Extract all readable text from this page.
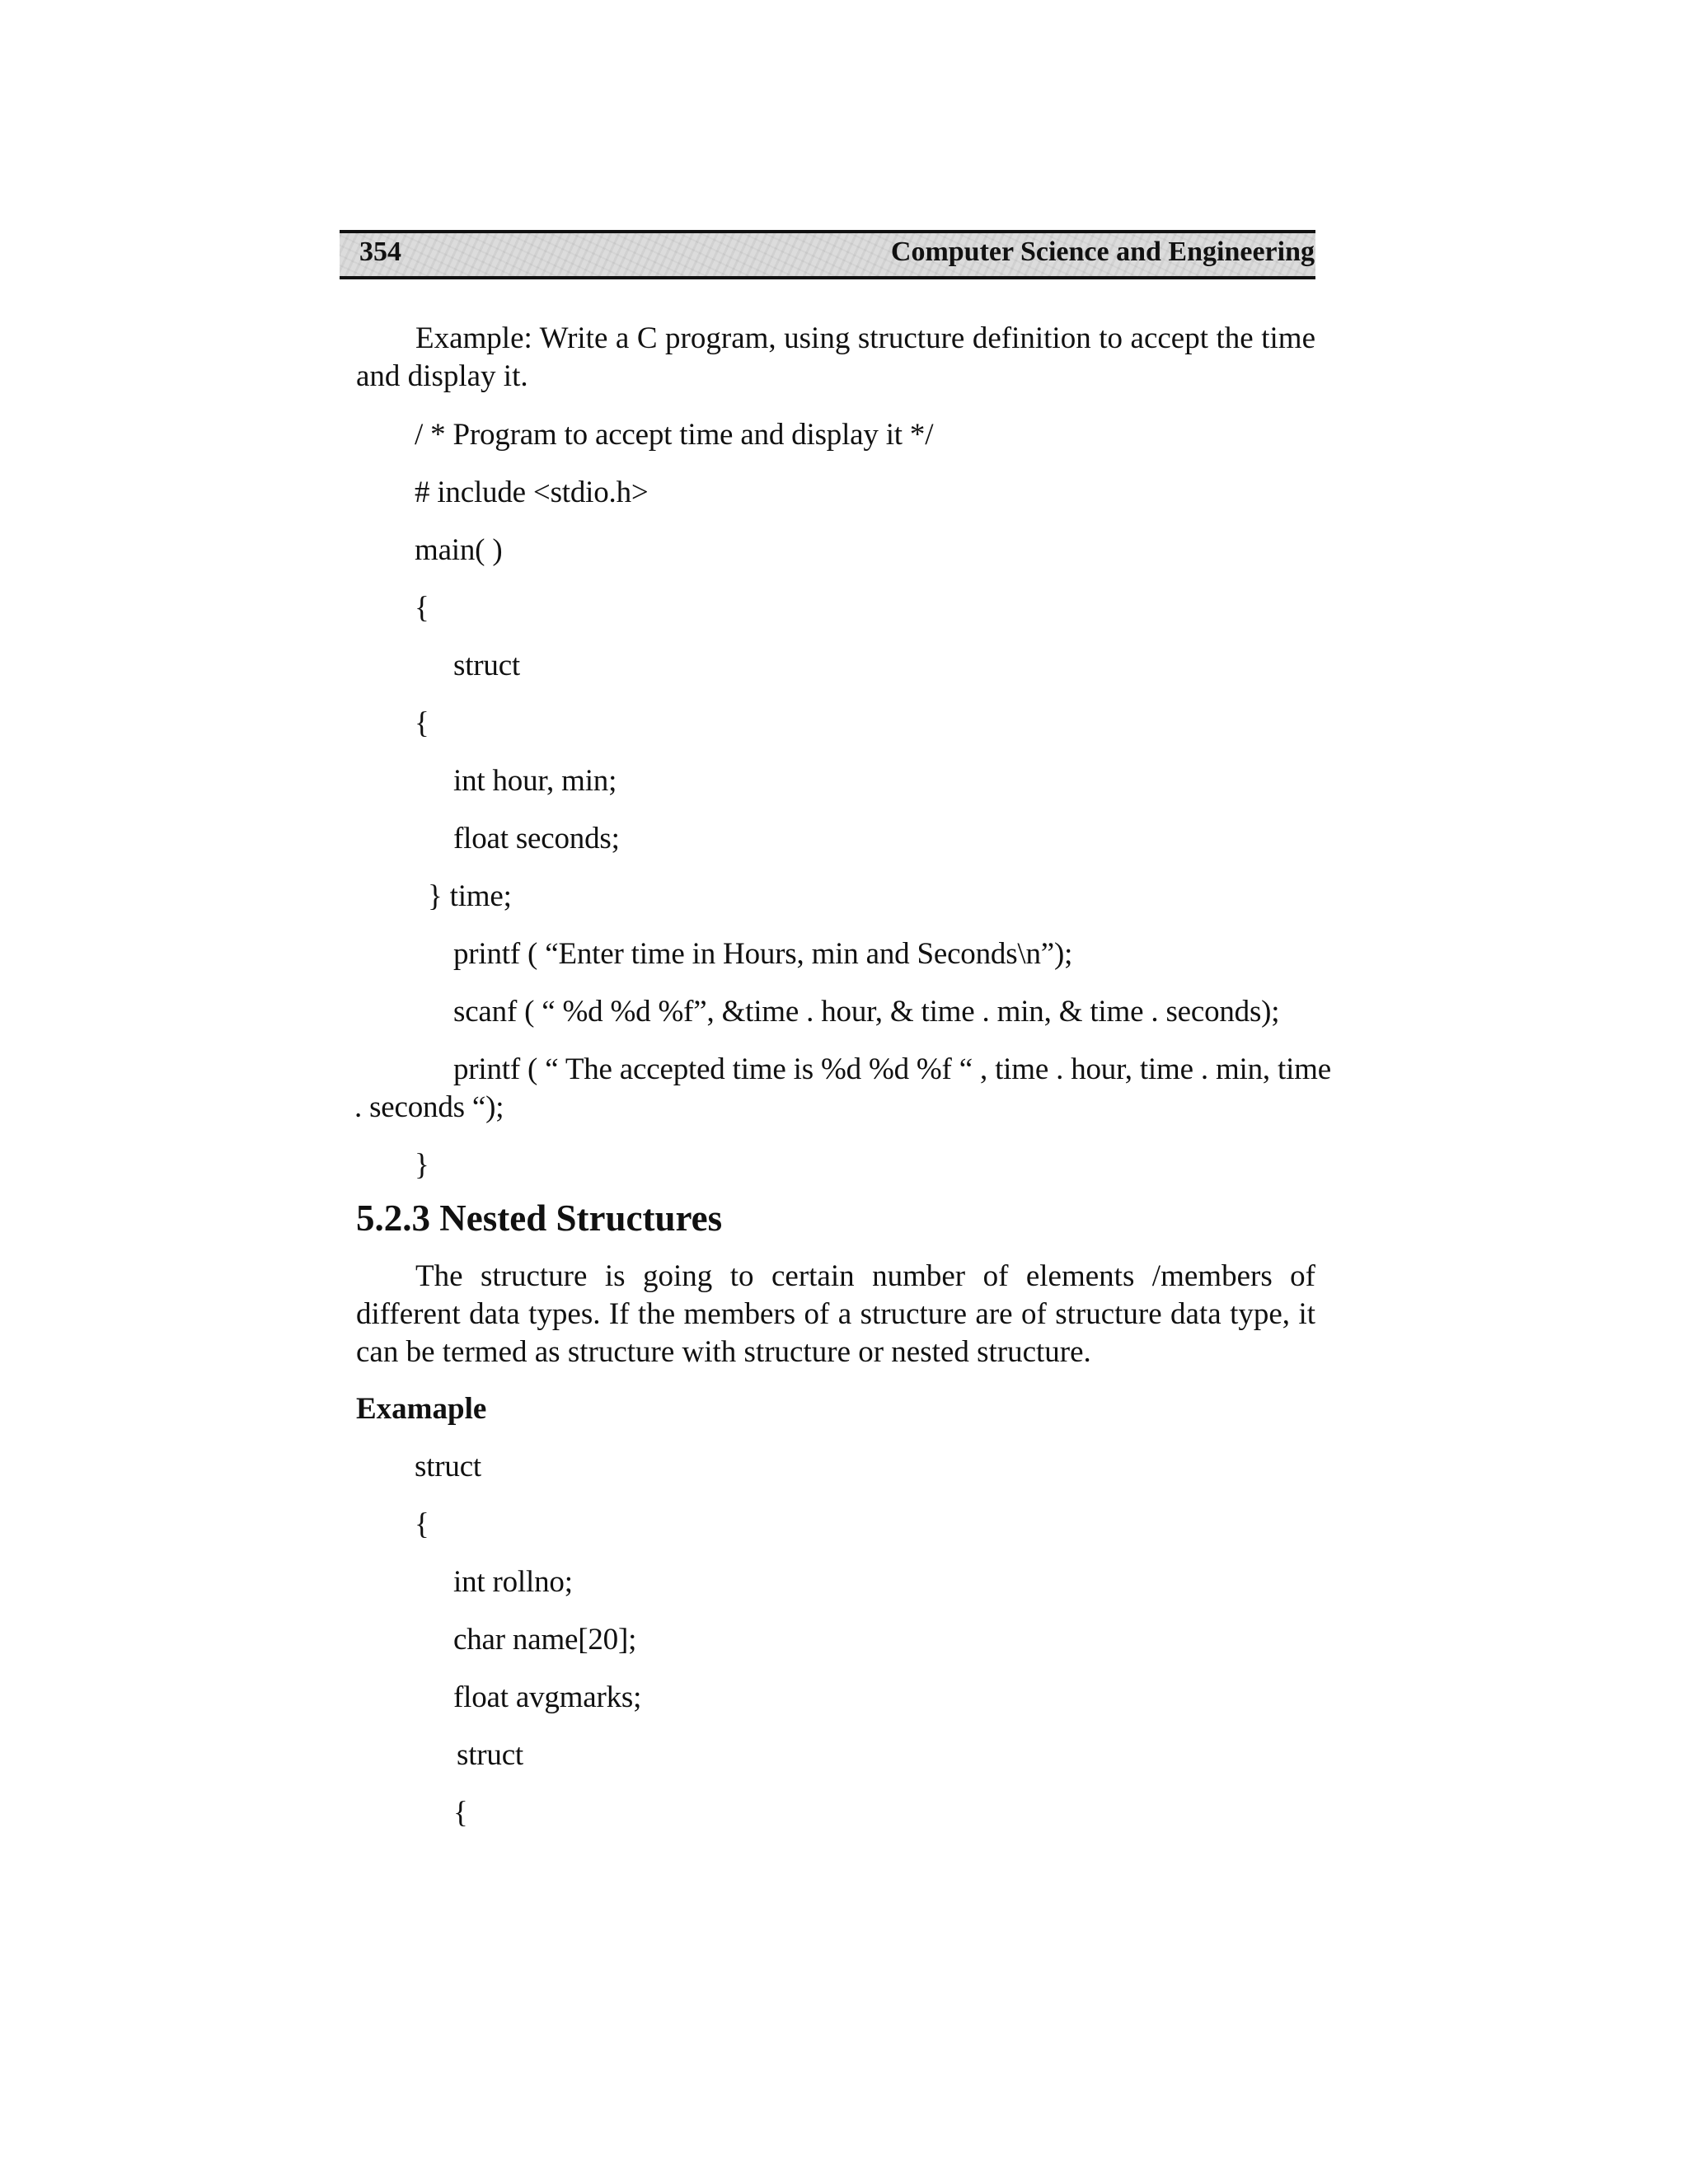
354	Computer Science and Engineering
Example: Write a C program, using structure definition to accept the time and display it.
/ * Program to accept time and display it */
# include <stdio.h>
main( )
{
struct
{
int hour, min;
float seconds;
} time;
printf ( “Enter time in Hours, min and Seconds\n”);
scanf ( “ %d %d %f”, &time . hour, & time . min, & time . seconds);
printf ( “ The accepted time is %d %d %f “ , time . hour, time . min, time
. seconds “);
}
5.2.3 Nested Structures
The structure is going to certain number of elements /members of different data types. If the members of a structure are of structure data type, it can be termed as structure with structure or nested structure.
Examaple
struct
{
int rollno;
char name[20];
float avgmarks;
struct
{
